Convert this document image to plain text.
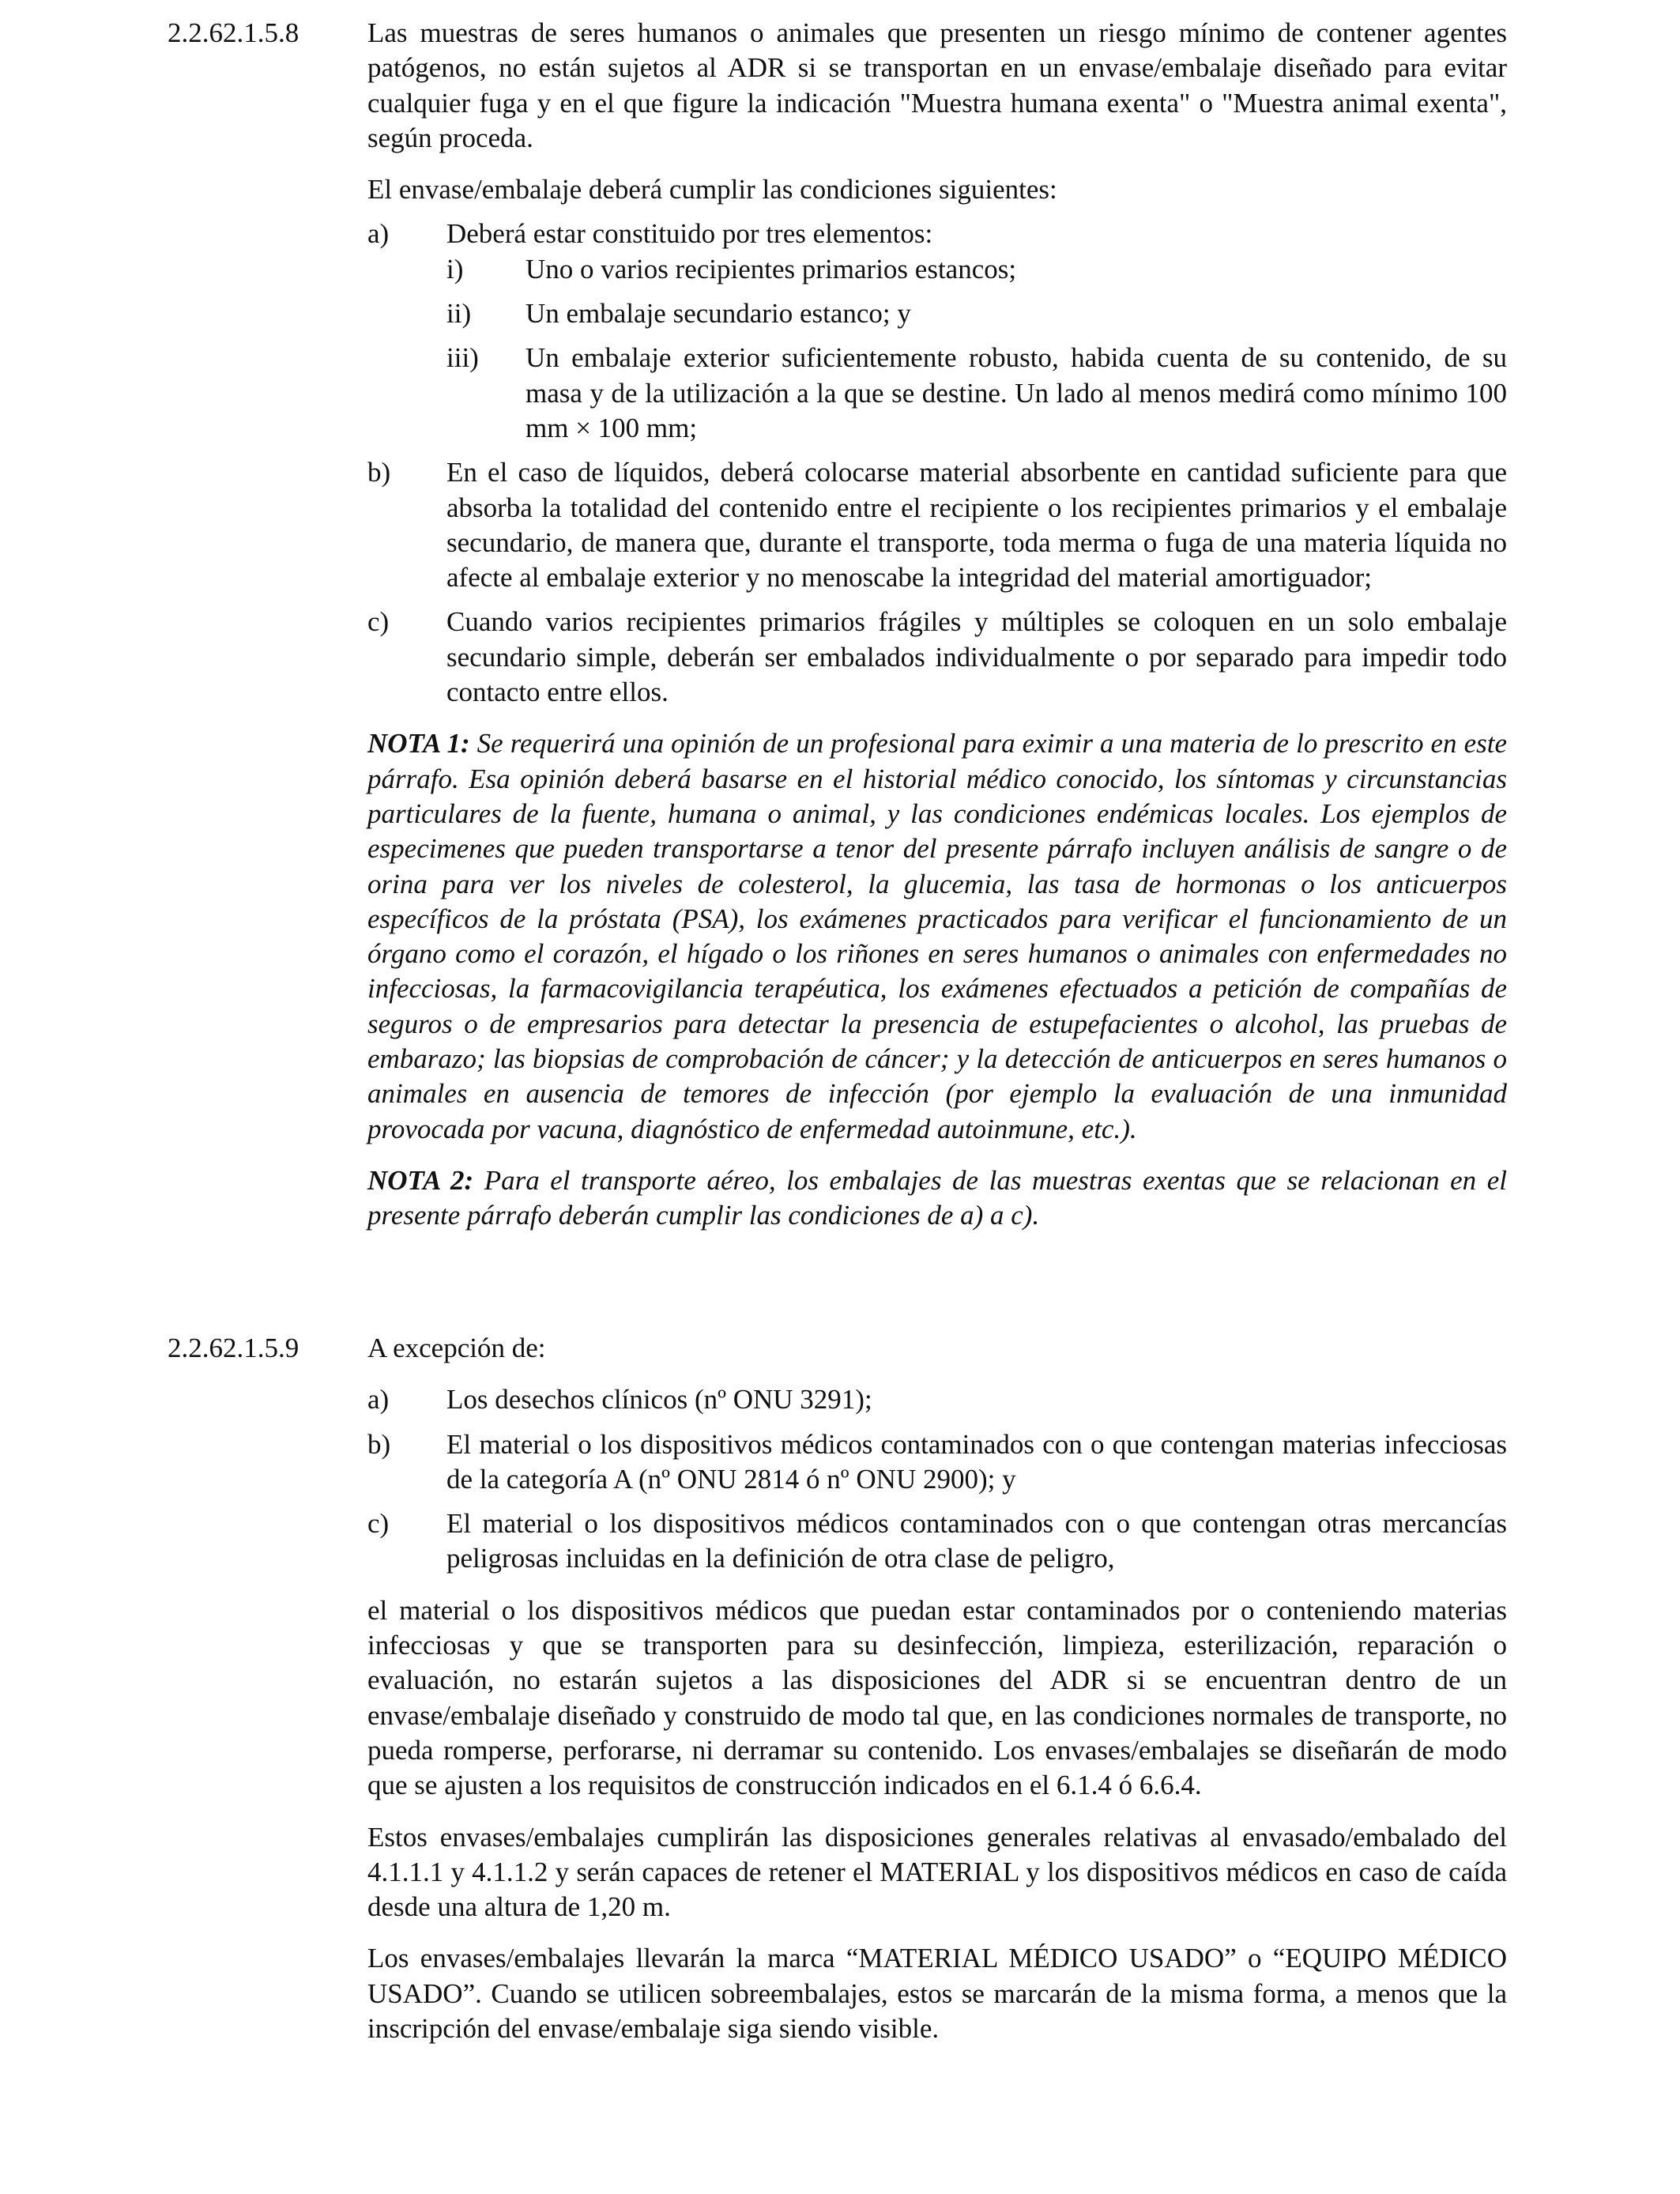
2.2.62.1.5.8 Las muestras de seres humanos o animales que presenten un riesgo mínimo de contener agentes patógenos, no están sujetos al ADR si se transportan en un envase/embalaje diseñado para evitar cualquier fuga y en el que figure la indicación "Muestra humana exenta" o "Muestra animal exenta", según proceda.

El envase/embalaje deberá cumplir las condiciones siguientes:

a) Deberá estar constituido por tres elementos:
i) Uno o varios recipientes primarios estancos;
ii) Un embalaje secundario estanco; y
iii) Un embalaje exterior suficientemente robusto, habida cuenta de su contenido, de su masa y de la utilización a la que se destine. Un lado al menos medirá como mínimo 100 mm × 100 mm;
b) En el caso de líquidos, deberá colocarse material absorbente en cantidad suficiente para que absorba la totalidad del contenido entre el recipiente o los recipientes primarios y el embalaje secundario, de manera que, durante el transporte, toda merma o fuga de una materia líquida no afecte al embalaje exterior y no menoscabe la integridad del material amortiguador;
c) Cuando varios recipientes primarios frágiles y múltiples se coloquen en un solo embalaje secundario simple, deberán ser embalados individualmente o por separado para impedir todo contacto entre ellos.

NOTA 1: Se requerirá una opinión de un profesional para eximir a una materia de lo prescrito en este párrafo. Esa opinión deberá basarse en el historial médico conocido, los síntomas y circunstancias particulares de la fuente, humana o animal, y las condiciones endémicas locales. Los ejemplos de especimenes que pueden transportarse a tenor del presente párrafo incluyen análisis de sangre o de orina para ver los niveles de colesterol, la glucemia, las tasa de hormonas o los anticuerpos específicos de la próstata (PSA), los exámenes practicados para verificar el funcionamiento de un órgano como el corazón, el hígado o los riñones en seres humanos o animales con enfermedades no infecciosas, la farmacovigilancia terapéutica, los exámenes efectuados a petición de compañías de seguros o de empresarios para detectar la presencia de estupefacientes o alcohol, las pruebas de embarazo; las biopsias de comprobación de cáncer; y la detección de anticuerpos en seres humanos o animales en ausencia de temores de infección (por ejemplo la evaluación de una inmunidad provocada por vacuna, diagnóstico de enfermedad autoinmune, etc.).

NOTA 2: Para el transporte aéreo, los embalajes de las muestras exentas que se relacionan en el presente párrafo deberán cumplir las condiciones de a) a c).

2.2.62.1.5.9 A excepción de:

a) Los desechos clínicos (nº ONU 3291);
b) El material o los dispositivos médicos contaminados con o que contengan materias infecciosas de la categoría A (nº ONU 2814 ó nº ONU 2900); y
c) El material o los dispositivos médicos contaminados con o que contengan otras mercancías peligrosas incluidas en la definición de otra clase de peligro,

el material o los dispositivos médicos que puedan estar contaminados por o conteniendo materias infecciosas y que se transporten para su desinfección, limpieza, esterilización, reparación o evaluación, no estarán sujetos a las disposiciones del ADR si se encuentran dentro de un envase/embalaje diseñado y construido de modo tal que, en las condiciones normales de transporte, no pueda romperse, perforarse, ni derramar su contenido. Los envases/embalajes se diseñarán de modo que se ajusten a los requisitos de construcción indicados en el 6.1.4 ó 6.6.4.

Estos envases/embalajes cumplirán las disposiciones generales relativas al envasado/embalado del 4.1.1.1 y 4.1.1.2 y serán capaces de retener el MATERIAL y los dispositivos médicos en caso de caída desde una altura de 1,20 m.

Los envases/embalajes llevarán la marca “MATERIAL MÉDICO USADO” o “EQUIPO MÉDICO USADO”. Cuando se utilicen sobreembalajes, estos se marcarán de la misma forma, a menos que la inscripción del envase/embalaje siga siendo visible.
